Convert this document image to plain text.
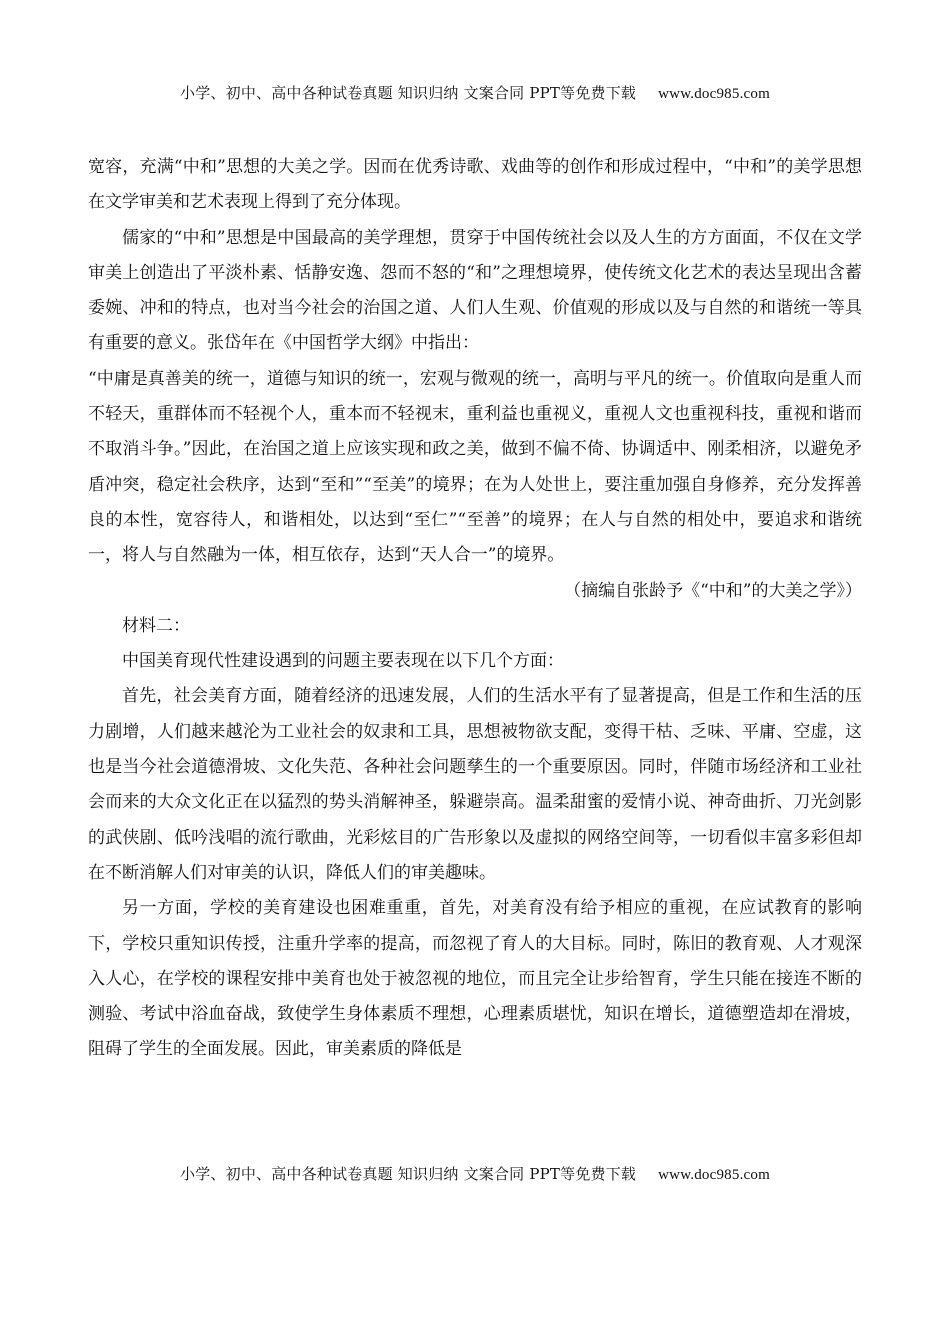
小学、初中、高中各种试卷真题 知识归纳 文案合同 PPT等免费下载 www.doc985.com

宽容，充满“中和”思想的大美之学。因而在优秀诗歌、戏曲等的创作和形成过程中，“中和”的美学思想在文学审美和艺术表现上得到了充分体现。

儒家的“中和”思想是中国最高的美学理想，贯穿于中国传统社会以及人生的方方面面，不仅在文学审美上创造出了平淡朴素、恬静安逸、怨而不怒的“和”之理想境界，使传统文化艺术的表达呈现出含蓄委婉、冲和的特点，也对当今社会的治国之道、人们人生观、价值观的形成以及与自然的和谐统一等具有重要的意义。张岱年在《中国哲学大纲》中指出：

“中庸是真善美的统一，道德与知识的统一，宏观与微观的统一，高明与平凡的统一。价值取向是重人而不轻天，重群体而不轻视个人，重本而不轻视末，重利益也重视义，重视人文也重视科技，重视和谐而不取消斗争。”因此，在治国之道上应该实现和政之美，做到不偏不倚、协调适中、刚柔相济，以避免矛盾冲突，稳定社会秩序，达到“至和”“至美”的境界；在为人处世上，要注重加强自身修养，充分发挥善良的本性，宽容待人，和谐相处，以达到“至仁”“至善”的境界；在人与自然的相处中，要追求和谐统一，将人与自然融为一体，相互依存，达到“天人合一”的境界。

（摘编自张龄予《“中和”的大美之学》）

材料二：

中国美育现代性建设遇到的问题主要表现在以下几个方面：

首先，社会美育方面，随着经济的迅速发展，人们的生活水平有了显著提高，但是工作和生活的压力剧增，人们越来越沦为工业社会的奴隶和工具，思想被物欲支配，变得干枯、乏味、平庸、空虚，这也是当今社会道德滑坡、文化失范、各种社会问题孳生的一个重要原因。同时，伴随市场经济和工业社会而来的大众文化正在以猛烈的势头消解神圣，躲避崇高。温柔甜蜜的爱情小说、神奇曲折、刀光剑影的武侠剧、低吟浅唱的流行歌曲，光彩炫目的广告形象以及虚拟的网络空间等，一切看似丰富多彩但却在不断消解人们对审美的认识，降低人们的审美趣味。

另一方面，学校的美育建设也困难重重，首先，对美育没有给予相应的重视，在应试教育的影响下，学校只重知识传授，注重升学率的提高，而忽视了育人的大目标。同时，陈旧的教育观、人才观深入人心，在学校的课程安排中美育也处于被忽视的地位，而且完全让步给智育，学生只能在接连不断的测验、考试中浴血奋战，致使学生身体素质不理想，心理素质堪忧，知识在增长，道德塑造却在滑坡，阻碍了学生的全面发展。因此，审美素质的降低是

小学、初中、高中各种试卷真题 知识归纳 文案合同 PPT等免费下载 www.doc985.com
